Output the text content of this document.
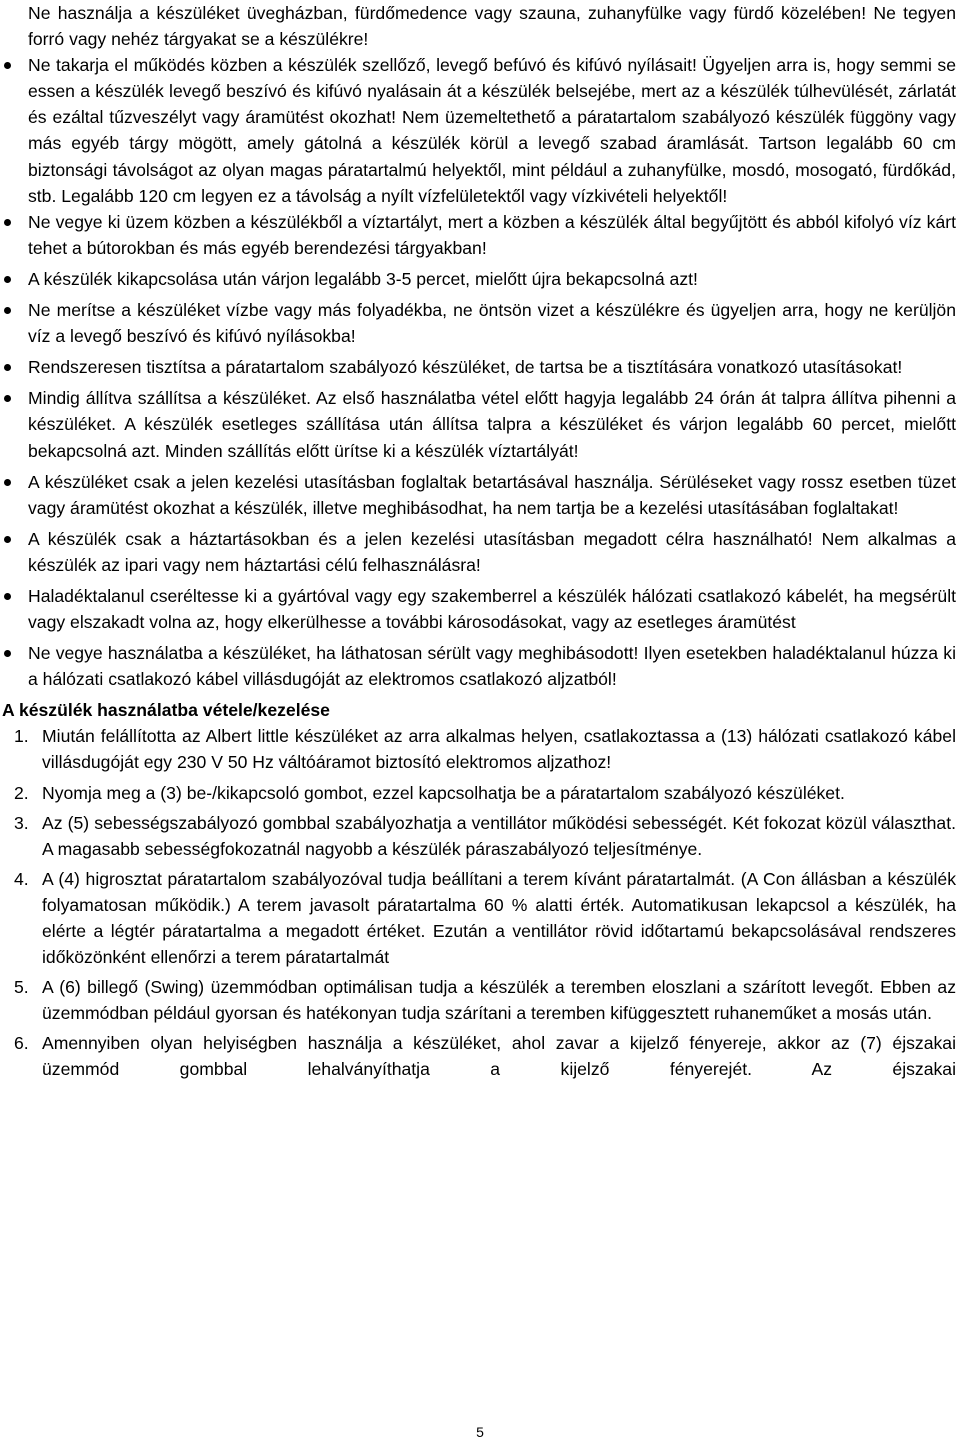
Ne használja a készüléket üvegházban, fürdőmedence vagy szauna, zuhanyfülke vagy fürdő közelében! Ne tegyen forró vagy nehéz tárgyakat se a készülékre!
Ne takarja el működés közben a készülék szellőző, levegő befúvó és kifúvó nyílásait! Ügyeljen arra is, hogy semmi se essen a készülék levegő beszívó és kifúvó nyalásain át a készülék belsejébe, mert az a készülék túlhevülését, zárlatát és ezáltal tűzveszélyt vagy áramütést okozhat! Nem üzemeltethető a páratartalom szabályozó készülék függöny vagy más egyéb tárgy mögött, amely gátolná a készülék körül a levegő szabad áramlását. Tartson legalább 60 cm biztonsági távolságot az olyan magas páratartalmú helyektől, mint például a zuhanyfülke, mosdó, mosogató, fürdőkád, stb. Legalább 120 cm legyen ez a távolság a nyílt vízfelületektől vagy vízkivételi helyektől!
Ne vegye ki üzem közben a készülékből a víztartályt, mert a közben a készülék által begyűjtött és abból kifolyó víz kárt tehet a bútorokban és más egyéb berendezési tárgyakban!
A készülék kikapcsolása után várjon legalább 3-5 percet, mielőtt újra bekapcsolná azt!
Ne merítse a készüléket vízbe vagy más folyadékba, ne öntsön vizet a készülékre és ügyeljen arra, hogy ne kerüljön víz a levegő beszívó és kifúvó nyílásokba!
Rendszeresen tisztítsa a páratartalom szabályozó készüléket, de tartsa be a tisztítására vonatkozó utasításokat!
Mindig állítva szállítsa a készüléket. Az első használatba vétel előtt hagyja legalább 24 órán át talpra állítva pihenni a készüléket. A készülék esetleges szállítása után állítsa talpra a készüléket és várjon legalább 60 percet, mielőtt bekapcsolná azt. Minden szállítás előtt ürítse ki a készülék víztartályát!
A készüléket csak a jelen kezelési utasításban foglaltak betartásával használja. Sérüléseket vagy rossz esetben tüzet vagy áramütést okozhat a készülék, illetve meghibásodhat, ha nem tartja be a kezelési utasításában foglaltakat!
A készülék csak a háztartásokban és a jelen kezelési utasításban megadott célra használható! Nem alkalmas a készülék az ipari vagy nem háztartási célú felhasználásra!
Haladéktalanul cseréltesse ki a gyártóval vagy egy szakemberrel a készülék hálózati csatlakozó kábelét, ha megsérült vagy elszakadt volna az, hogy elkerülhesse a további károsodásokat, vagy az esetleges áramütést
Ne vegye használatba a készüléket, ha láthatosan sérült vagy meghibásodott! Ilyen esetekben haladéktalanul húzza ki a hálózati csatlakozó kábel villásdugóját az elektromos csatlakozó aljzatból!
A készülék használatba vétele/kezelése
1. Miután felállította az Albert little készüléket az arra alkalmas helyen, csatlakoztassa a (13) hálózati csatlakozó kábel villásdugóját egy 230 V 50 Hz váltóáramot biztosító elektromos aljzathoz!
2. Nyomja meg a (3) be-/kikapcsoló gombot, ezzel kapcsolhatja be a páratartalom szabályozó készüléket.
3. Az (5) sebességszabályozó gombbal szabályozhatja a ventillátor működési sebességét. Két fokozat közül választhat. A magasabb sebességfokozatnál nagyobb a készülék páraszabályozó teljesítménye.
4. A (4) higrosztat páratartalom szabályozóval tudja beállítani a terem kívánt páratartalmát. (A Con állásban a készülék folyamatosan működik.) A terem javasolt páratartalma 60 % alatti érték. Automatikusan lekapcsol a készülék, ha elérte a légtér páratartalma a megadott értéket. Ezután a ventillátor rövid időtartamú bekapcsolásával rendszeres időközönként ellenőrzi a terem páratartalmát
5. A (6) billegő (Swing) üzemmódban optimálisan tudja a készülék a teremben eloszlani a szárított levegőt. Ebben az üzemmódban például gyorsan és hatékonyan tudja szárítani a teremben kifüggesztett ruhaneműket a mosás után.
6. Amennyiben olyan helyiségben használja a készüléket, ahol zavar a kijelző fényereje, akkor az (7) éjszakai üzemmód gombbal lehalványíthatja a kijelző fényerejét. Az éjszakai
5
